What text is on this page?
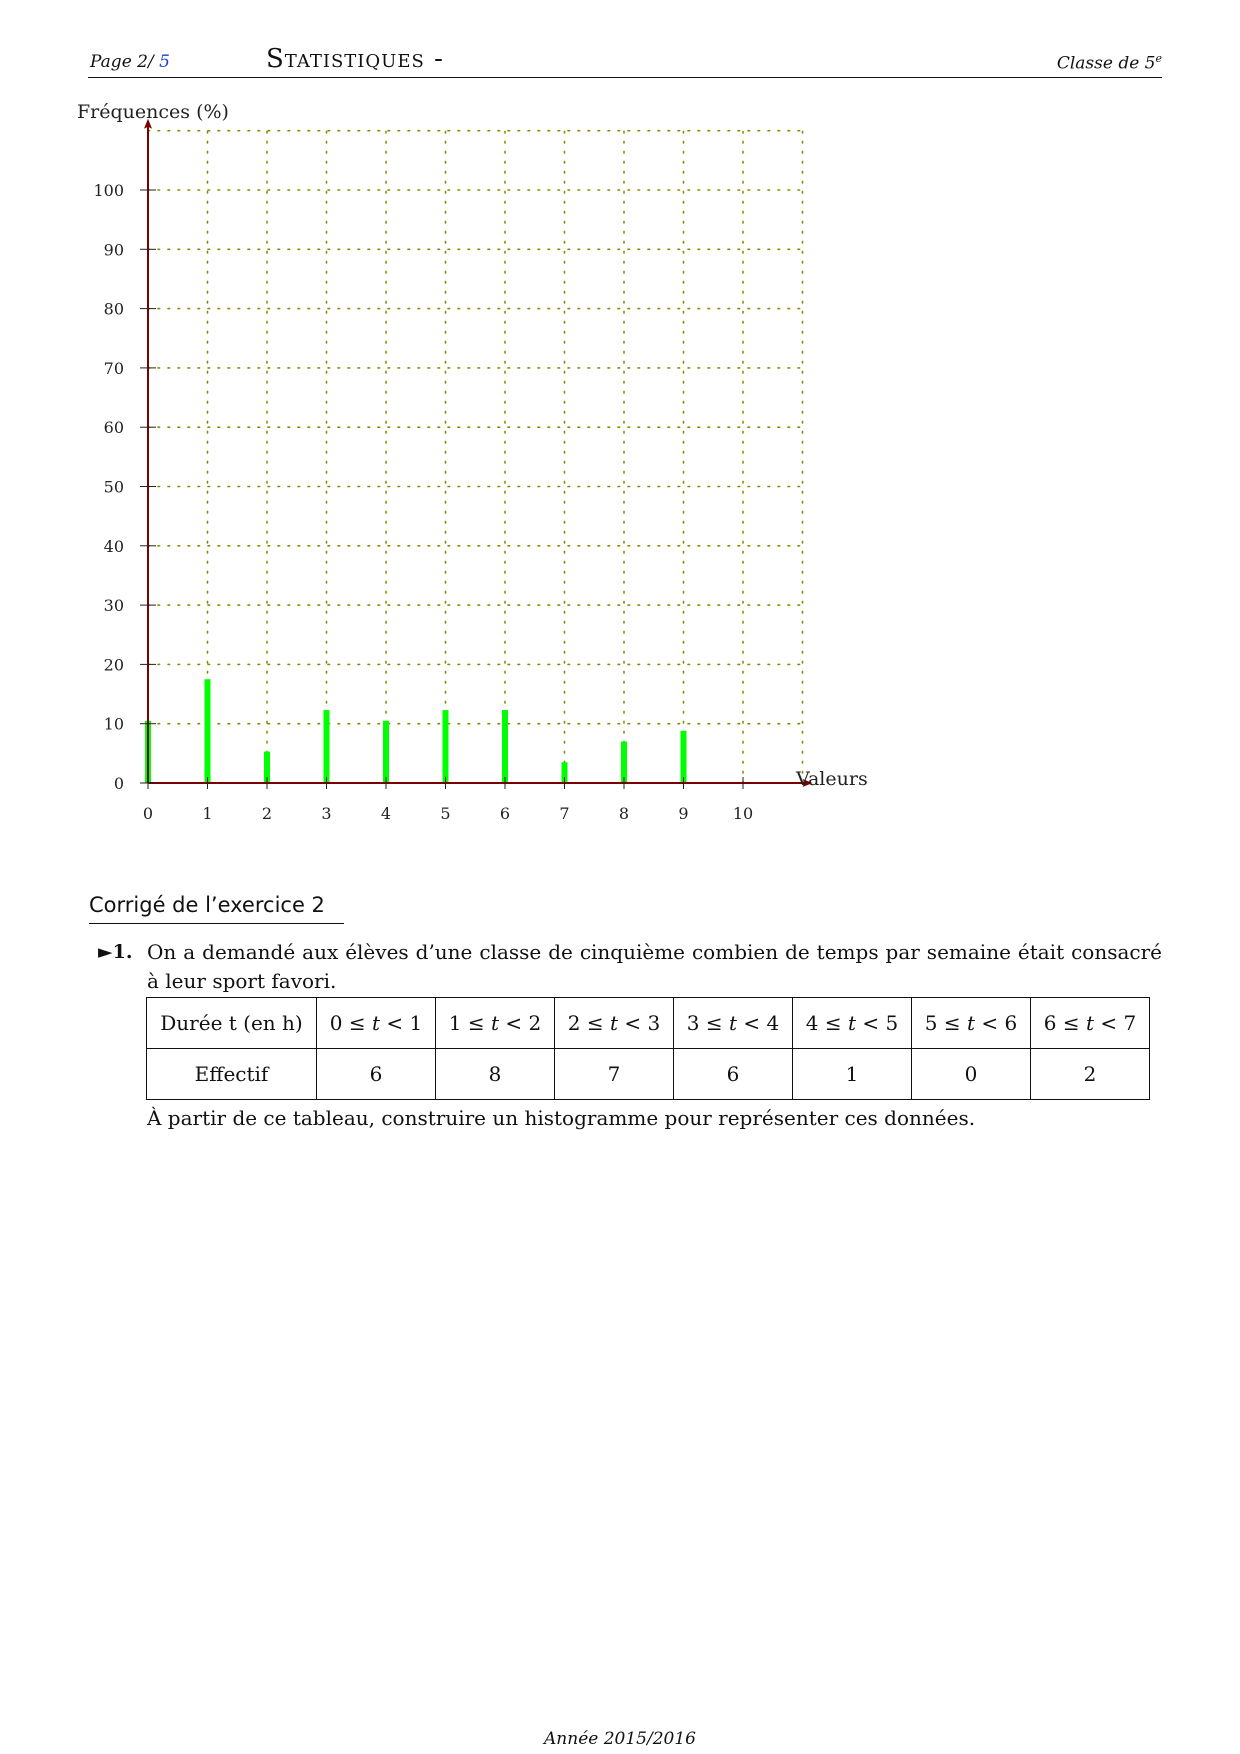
Page 2/ 5	Statistiques -	Classe de 5e
0	1	2	3	4	5	6	7	8	9	10
0
10
20
30
40
50
60
70
80
90
100
Fréquences (%)
Valeurs
Corrigé de l’exercice 2
►1. On a demandé aux élèves d’une classe de cinquième combien de temps par semaine était consacré à leur sport favori.
Durée t (en h)	0 ≤ t < 1	1 ≤ t < 2	2 ≤ t < 3	3 ≤ t < 4	4 ≤ t < 5	5 ≤ t < 6	6 ≤ t < 7
Effectif	6	8	7	6	1	0	2
À partir de ce tableau, construire un histogramme pour représenter ces données.
Année 2015/2016
